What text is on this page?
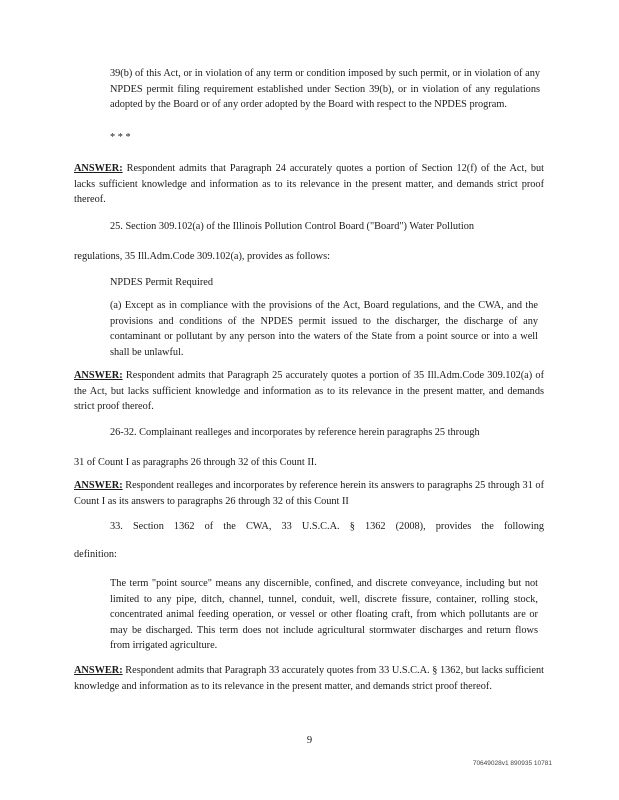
39(b) of this Act, or in violation of any term or condition imposed by such permit, or in violation of any NPDES permit filing requirement established under Section 39(b), or in violation of any regulations adopted by the Board or of any order adopted by the Board with respect to the NPDES program.

* * *

ANSWER: Respondent admits that Paragraph 24 accurately quotes a portion of Section 12(f) of the Act, but lacks sufficient knowledge and information as to its relevance in the present matter, and demands strict proof thereof.

25. Section 309.102(a) of the Illinois Pollution Control Board ("Board") Water Pollution

regulations, 35 Ill.Adm.Code 309.102(a), provides as follows:

NPDES Permit Required

(a) Except as in compliance with the provisions of the Act, Board regulations, and the CWA, and the provisions and conditions of the NPDES permit issued to the discharger, the discharge of any contaminant or pollutant by any person into the waters of the State from a point source or into a well shall be unlawful.

ANSWER: Respondent admits that Paragraph 25 accurately quotes a portion of 35 Ill.Adm.Code 309.102(a) of the Act, but lacks sufficient knowledge and information as to its relevance in the present matter, and demands strict proof thereof.

26-32. Complainant realleges and incorporates by reference herein paragraphs 25 through

31 of Count I as paragraphs 26 through 32 of this Count II.

ANSWER: Respondent realleges and incorporates by reference herein its answers to paragraphs 25 through 31 of Count I as its answers to paragraphs 26 through 32 of this Count II

33. Section 1362 of the CWA, 33 U.S.C.A. § 1362 (2008), provides the following

definition:

The term "point source" means any discernible, confined, and discrete conveyance, including but not limited to any pipe, ditch, channel, tunnel, conduit, well, discrete fissure, container, rolling stock, concentrated animal feeding operation, or vessel or other floating craft, from which pollutants are or may be discharged. This term does not include agricultural stormwater discharges and return flows from irrigated agriculture.

ANSWER: Respondent admits that Paragraph 33 accurately quotes from 33 U.S.C.A. § 1362, but lacks sufficient knowledge and information as to its relevance in the present matter, and demands strict proof thereof.

9
70649028v1 890935 10781
